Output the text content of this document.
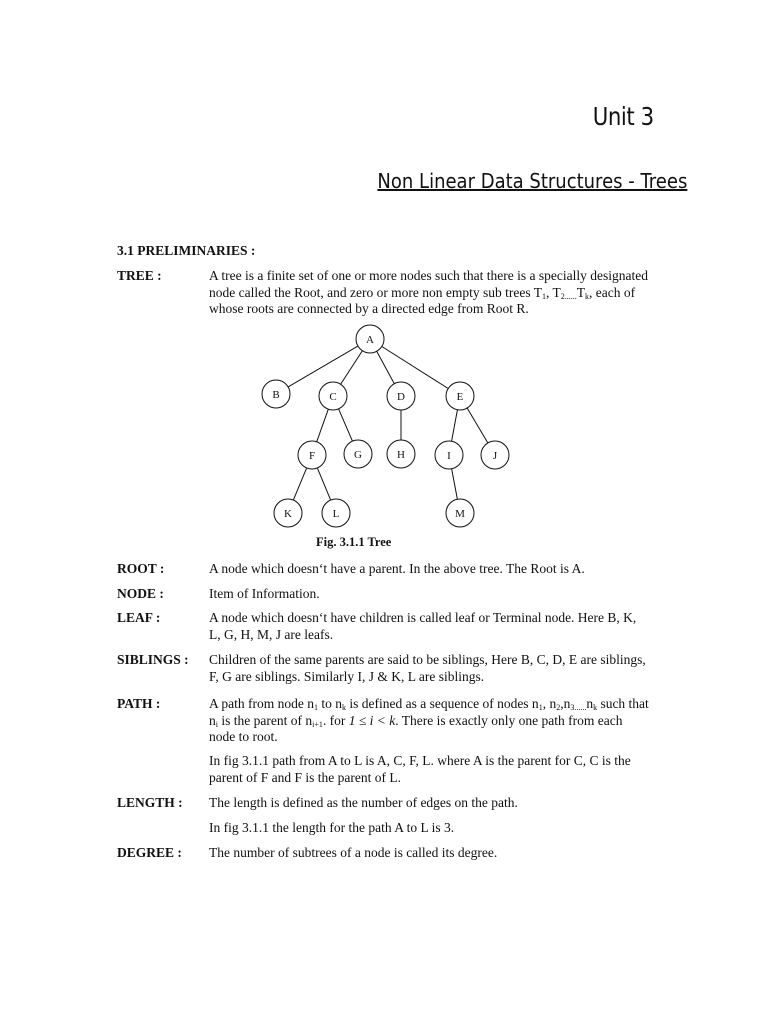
Unit 3
Non Linear Data Structures - Trees
3.1 PRELIMINARIES :
TREE :	A tree is a finite set of one or more nodes such that there is a specially designated node called the Root, and zero or more non empty sub trees $T_1$, $T_{2......}T_k$, each of whose roots are connected by a directed edge from Root R.
A
B	C	D	E
F	G	H	I	J
K	L	M
Fig. 3.1.1 Tree
ROOT :	A node which doesn‘t have a parent. In the above tree. The Root is A.
NODE :	Item of Information.
LEAF :	A node which doesn‘t have children is called leaf or Terminal node. Here B, K, L, G, H, M, J are leafs.
SIBLINGS : Children of the same parents are said to be siblings, Here B, C, D, E are siblings, F, G are siblings. Similarly I, J & K, L are siblings.
PATH :	A path from node $n_1$ to $n_k$ is defined as a sequence of nodes $n_1$, $n_2,n_{3......}n_k$ such that $n_i$ is the parent of $n_{i+1}$. for 1 ≤ i < k. There is exactly only one path from each node to root.
In fig 3.1.1 path from A to L is A, C, F, L. where A is the parent for C, C is the parent of F and F is the parent of L.
LENGTH : The length is defined as the number of edges on the path.
In fig 3.1.1 the length for the path A to L is 3.
DEGREE : The number of subtrees of a node is called its degree.
